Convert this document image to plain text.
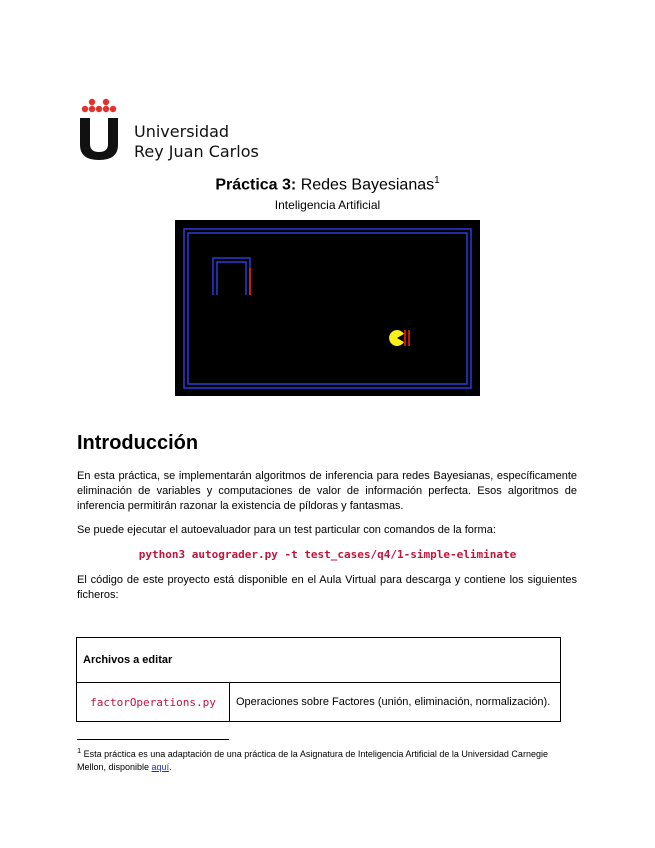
Universidad
Rey Juan Carlos
Práctica 3: Redes Bayesianas$^1$
Inteligencia Artificial
Introducción
En esta práctica, se implementarán algoritmos de inferencia para redes Bayesianas, específicamente eliminación de variables y computaciones de valor de información perfecta. Esos algoritmos de inferencia permitirán razonar la existencia de píldoras y fantasmas.
Se puede ejecutar el autoevaluador para un test particular con comandos de la forma:
python3 autograder.py -t test_cases/q4/1-simple-eliminate
El código de este proyecto está disponible en el Aula Virtual para descarga y contiene los siguientes ficheros:
Archivos a editar
factorOperations.py	Operaciones sobre Factores (unión, eliminación, normalización).
$^1$ Esta práctica es una adaptación de una práctica de la Asignatura de Inteligencia Artificial de la Universidad Carnegie Mellon, disponible aquí.
